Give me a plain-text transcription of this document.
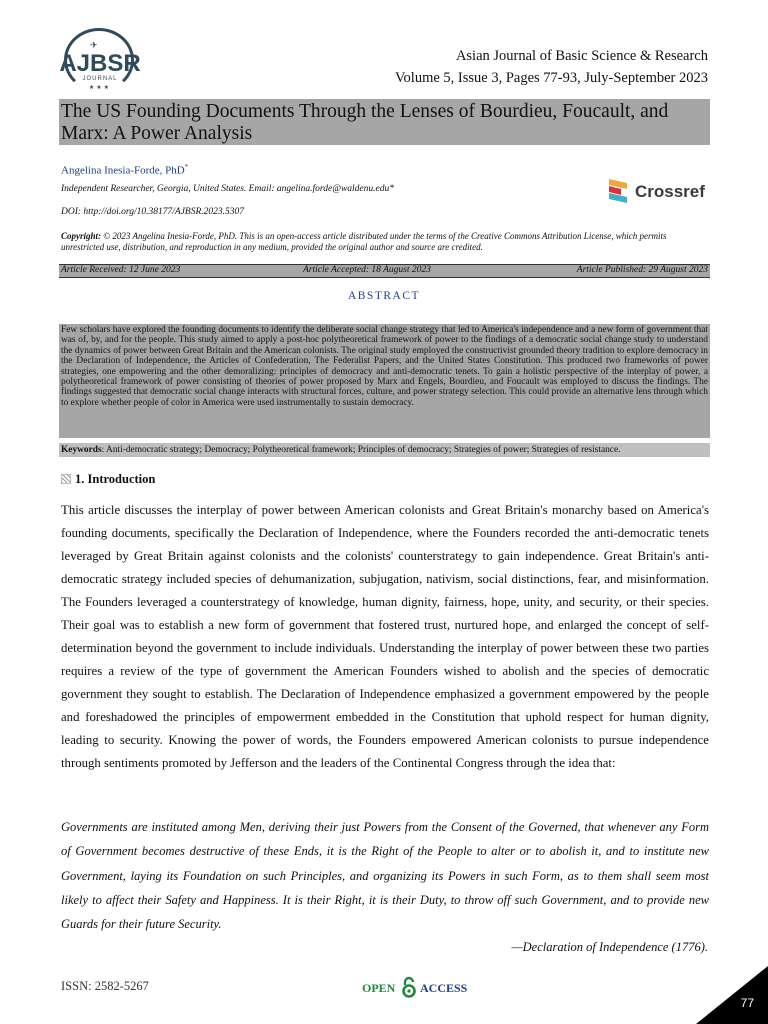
✈
AJBSR
JOURNAL
★★★
Asian Journal of Basic Science & Research
Volume 5, Issue 3, Pages 77-93, July-September 2023
The US Founding Documents Through the Lenses of Bourdieu, Foucault, and Marx: A Power Analysis
Angelina Inesia-Forde, PhD*
Independent Researcher, Georgia, United States. Email: angelina.forde@waldenu.edu*
DOI: http://doi.org/10.38177/AJBSR.2023.5307
Crossref
Copyright: © 2023 Angelina Inesia-Forde, PhD. This is an open-access article distributed under the terms of the Creative Commons Attribution License, which permits unrestricted use, distribution, and reproduction in any medium, provided the original author and source are credited.
Article Received: 12 June 2023	Article Accepted: 18 August 2023	Article Published: 29 August 2023
ABSTRACT
Few scholars have explored the founding documents to identify the deliberate social change strategy that led to America's independence and a new form of government that was of, by, and for the people. This study aimed to apply a post-hoc polytheoretical framework of power to the findings of a democratic social change study to understand the dynamics of power between Great Britain and the American colonists. The original study employed the constructivist grounded theory tradition to explore democracy in the Declaration of Independence, the Articles of Confederation, The Federalist Papers, and the United States Constitution. This produced two frameworks of power strategies, one empowering and the other demoralizing: principles of democracy and anti-democratic tenets. To gain a holistic perspective of the interplay of power, a polytheoretical framework of power consisting of theories of power proposed by Marx and Engels, Bourdieu, and Foucault was employed to discuss the findings. The findings suggested that democratic social change interacts with structural forces, culture, and power strategy selection. This could provide an alternative lens through which to explore whether people of color in America were used instrumentally to sustain democracy.
Keywords: Anti-democratic strategy; Democracy; Polytheoretical framework; Principles of democracy; Strategies of power; Strategies of resistance.
1. Introduction
This article discusses the interplay of power between American colonists and Great Britain's monarchy based on America's founding documents, specifically the Declaration of Independence, where the Founders recorded the anti-democratic tenets leveraged by Great Britain against colonists and the colonists' counterstrategy to gain independence. Great Britain's anti-democratic strategy included species of dehumanization, subjugation, nativism, social distinctions, fear, and misinformation. The Founders leveraged a counterstrategy of knowledge, human dignity, fairness, hope, unity, and security, or their species. Their goal was to establish a new form of government that fostered trust, nurtured hope, and enlarged the concept of self-determination beyond the government to include individuals. Understanding the interplay of power between these two parties requires a review of the type of government the American Founders wished to abolish and the species of democratic government they sought to establish. The Declaration of Independence emphasized a government empowered by the people and foreshadowed the principles of empowerment embedded in the Constitution that uphold respect for human dignity, leading to security. Knowing the power of words, the Founders empowered American colonists to pursue independence through sentiments promoted by Jefferson and the leaders of the Continental Congress through the idea that:
Governments are instituted among Men, deriving their just Powers from the Consent of the Governed, that whenever any Form of Government becomes destructive of these Ends, it is the Right of the People to alter or to abolish it, and to institute new Government, laying its Foundation on such Principles, and organizing its Powers in such Form, as to them shall seem most likely to affect their Safety and Happiness. It is their Right, it is their Duty, to throw off such Government, and to provide new Guards for their future Security.
—Declaration of Independence (1776).
ISSN: 2582-5267	OPEN ACCESS
77
